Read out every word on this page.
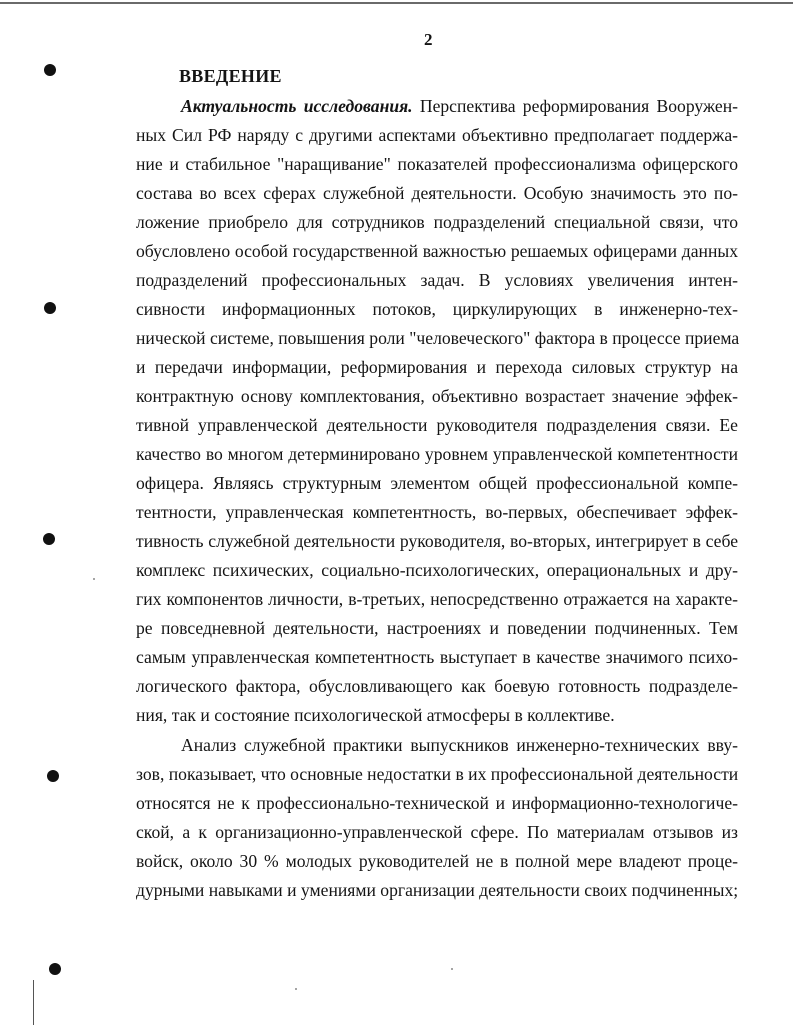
2
ВВЕДЕНИЕ

Актуальность исследования. Перспектива реформирования Вооружен-

ных Сил РФ наряду с другими аспектами объективно предполагает поддержа-

ние и стабильное "наращивание" показателей профессионализма офицерского

состава во всех сферах служебной деятельности. Особую значимость это по-

ложение приобрело для сотрудников подразделений специальной связи, что

обусловлено особой государственной важностью решаемых офицерами данных

подразделений профессиональных задач. В условиях увеличения интен-

сивности информационных потоков, циркулирующих в инженерно-тех-

нической системе, повышения роли "человеческого" фактора в процессе приема

и передачи информации, реформирования и перехода силовых структур на

контрактную основу комплектования, объективно возрастает значение эффек-

тивной управленческой деятельности руководителя подразделения связи. Ее

качество во многом детерминировано уровнем управленческой компетентности

офицера. Являясь структурным элементом общей профессиональной компе-

тентности, управленческая компетентность, во-первых, обеспечивает эффек-

тивность служебной деятельности руководителя, во-вторых, интегрирует в себе

комплекс психических, социально-психологических, операциональных и дру-

гих компонентов личности, в-третьих, непосредственно отражается на характе-

ре повседневной деятельности, настроениях и поведении подчиненных. Тем

самым управленческая компетентность выступает в качестве значимого психо-

логического фактора, обусловливающего как боевую готовность подразделе-

ния, так и состояние психологической атмосферы в коллективе.

Анализ служебной практики выпускников инженерно-технических вву-

зов, показывает, что основные недостатки в их профессиональной деятельности

относятся не к профессионально-технической и информационно-технологиче-

ской, а к организационно-управленческой сфере. По материалам отзывов из

войск, около 30 % молодых руководителей не в полной мере владеют проце-

дурными навыками и умениями организации деятельности своих подчиненных;
